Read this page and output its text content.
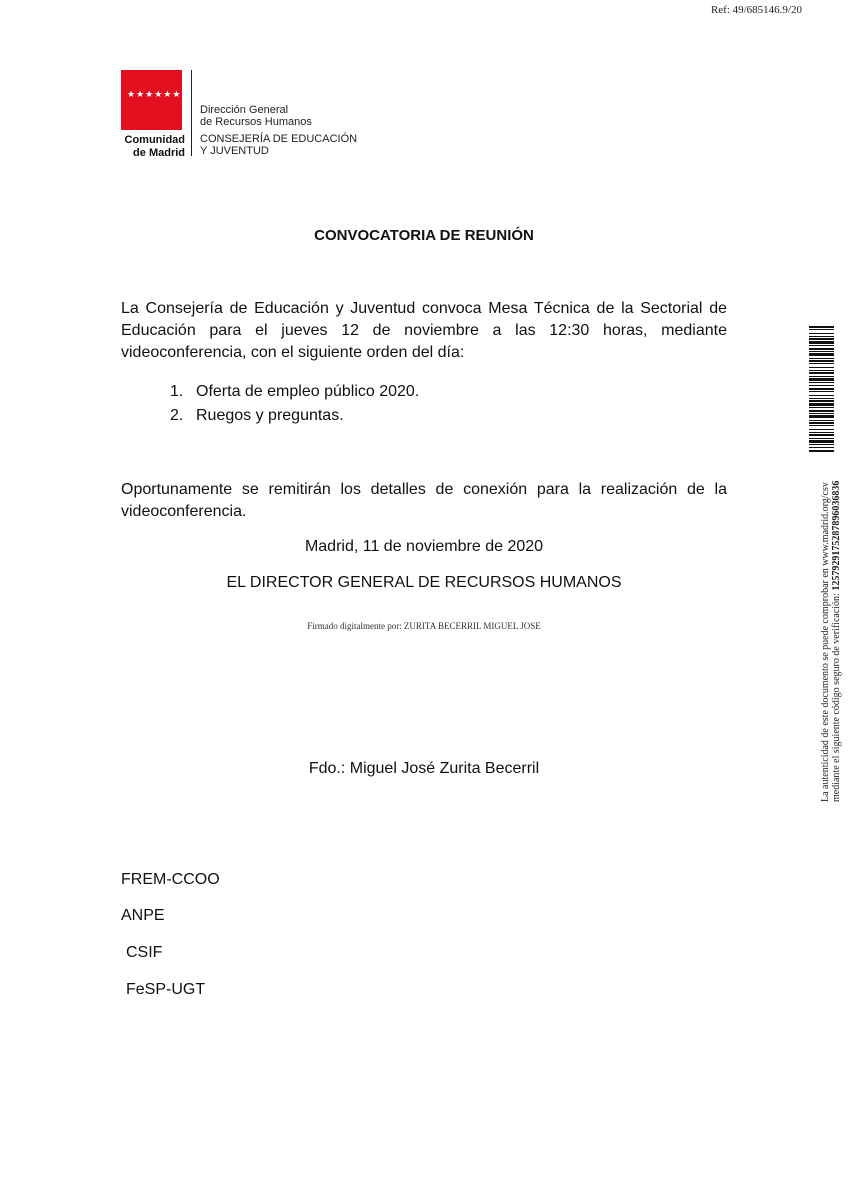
Ref: 49/685146.9/20
★★★★★★★
Comunidad
de Madrid
Dirección General
de Recursos Humanos
CONSEJERÍA DE EDUCACIÓN
Y JUVENTUD
CONVOCATORIA DE REUNIÓN
La Consejería de Educación y Juventud convoca Mesa Técnica de la Sectorial de Educación para el jueves 12 de noviembre a las 12:30 horas, mediante videoconferencia, con el siguiente orden del día:
1. Oferta de empleo público 2020.
2. Ruegos y preguntas.
Oportunamente se remitirán los detalles de conexión para la realización de la videoconferencia.
Madrid, 11 de noviembre de 2020
EL DIRECTOR GENERAL DE RECURSOS HUMANOS
Firmado digitalmente por: ZURITA BECERRIL MIGUEL JOSE
Fdo.: Miguel José Zurita Becerril
FREM-CCOO
ANPE
CSIF
FeSP-UGT
La autenticidad de este documento se puede comprobar en www.madrid.org/csv mediante el siguiente código seguro de verificación: 1257929175287896036836
